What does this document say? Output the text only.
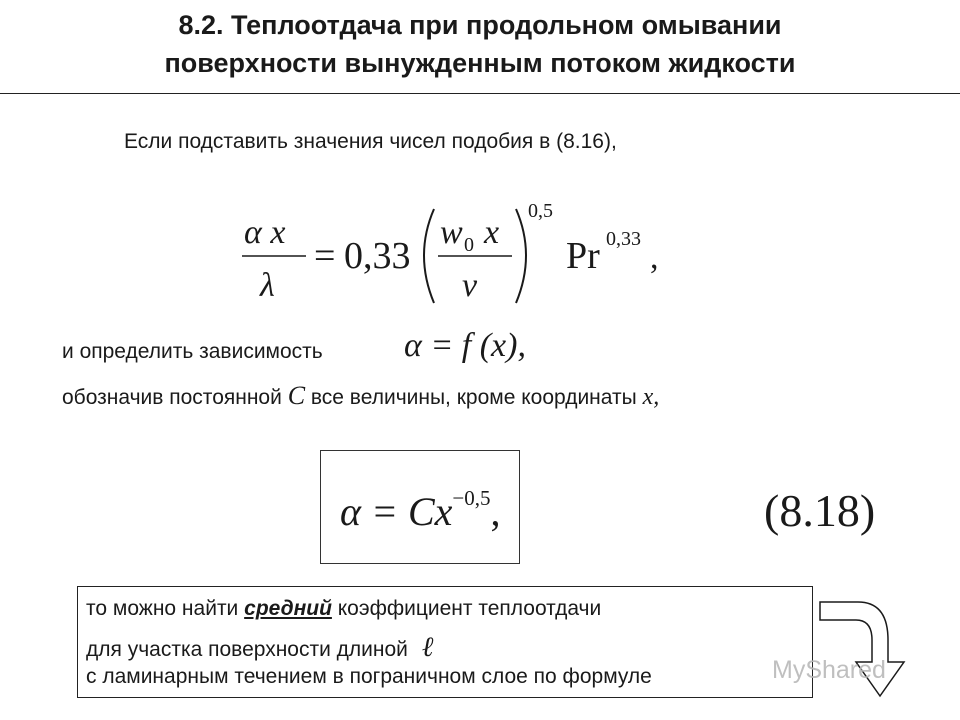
8.2. Теплоотдача при продольном омывании
поверхности вынужденным потоком жидкости
Если подставить значения чисел подобия в (8.16),
α x
λ
= 0,33
w 0 x
ν
0,5
Pr 0,33 ,
и определить зависимость α = f (x),
обозначив постоянной C все величины, кроме координаты x,
$\alpha = Cx^{-0,5}$,	(8.18)
то можно найти средний коэффициент теплоотдачи
для участка поверхности длиной ℓ
с ламинарным течением в пограничном слое по формуле	MyShared
